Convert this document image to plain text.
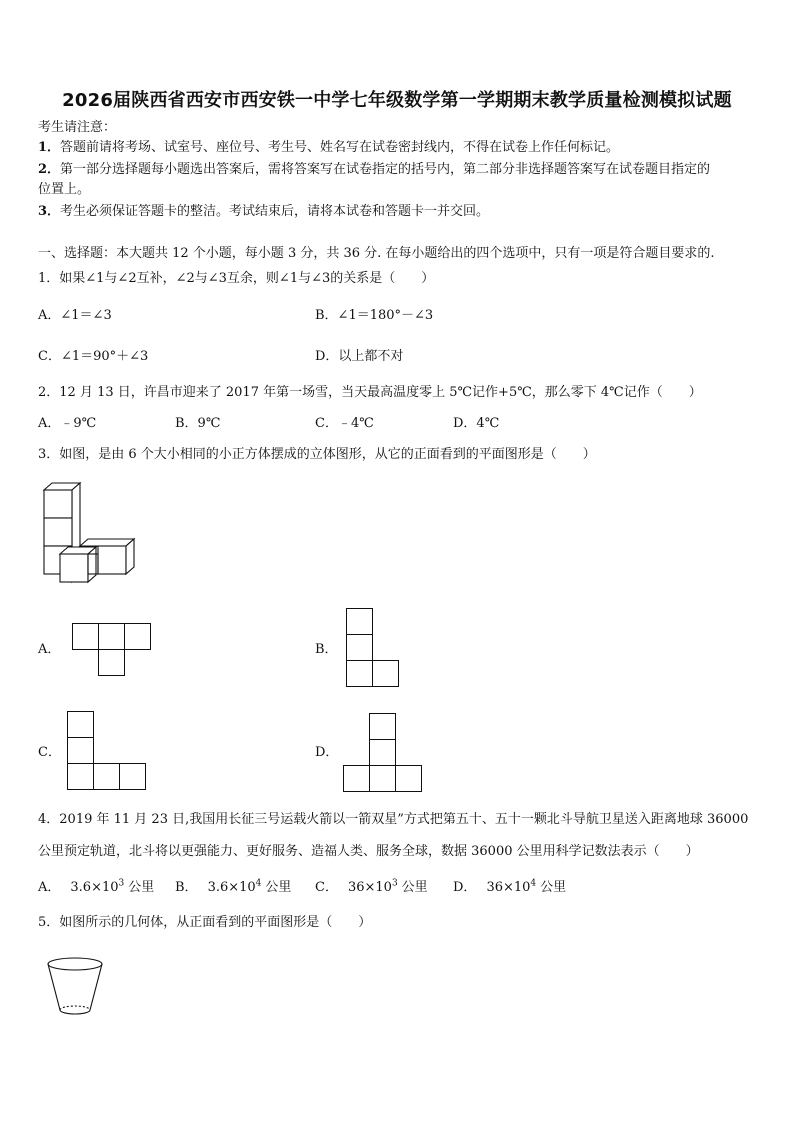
2026届陕西省西安市西安铁一中学七年级数学第一学期期末教学质量检测模拟试题
考生请注意：
1．答题前请将考场、试室号、座位号、考生号、姓名写在试卷密封线内，不得在试卷上作任何标记。
2．第一部分选择题每小题选出答案后，需将答案写在试卷指定的括号内，第二部分非选择题答案写在试卷题目指定的
位置上。
3．考生必须保证答题卡的整洁。考试结束后，请将本试卷和答题卡一并交回。
一、选择题：本大题共 12 个小题，每小题 3 分，共 36 分. 在每小题给出的四个选项中，只有一项是符合题目要求的.
1．如果∠1与∠2互补，∠2与∠3互余，则∠1与∠3的关系是（　　）
A．∠1＝∠3	B．∠1＝180°－∠3
C．∠1＝90°＋∠3	D．以上都不对
2．12 月 13 日，许昌市迎来了 2017 年第一场雪，当天最高温度零上 5℃记作+5℃，那么零下 4℃记作（　　）
A．﹣9℃	B．9℃	C．﹣4℃	D．4℃
3．如图，是由 6 个大小相同的小正方体摆成的立体图形，从它的正面看到的平面图形是（　　）
A．	B．
C．	D．
4．2019 年 11 月 23 日,我国用长征三号运载火箭以一箭双星”方式把第五十、五十一颗北斗导航卫星送入距离地球 36000
公里预定轨道，北斗将以更强能力、更好服务、造福人类、服务全球，数据 36000 公里用科学记数法表示（　　）
A． $3.6\times 10^3$ 公里 B． $3.6\times 10^4$ 公里 C． $36\times 10^3$ 公里 D． $36\times 10^4$ 公里
5．如图所示的几何体，从正面看到的平面图形是（　　）
